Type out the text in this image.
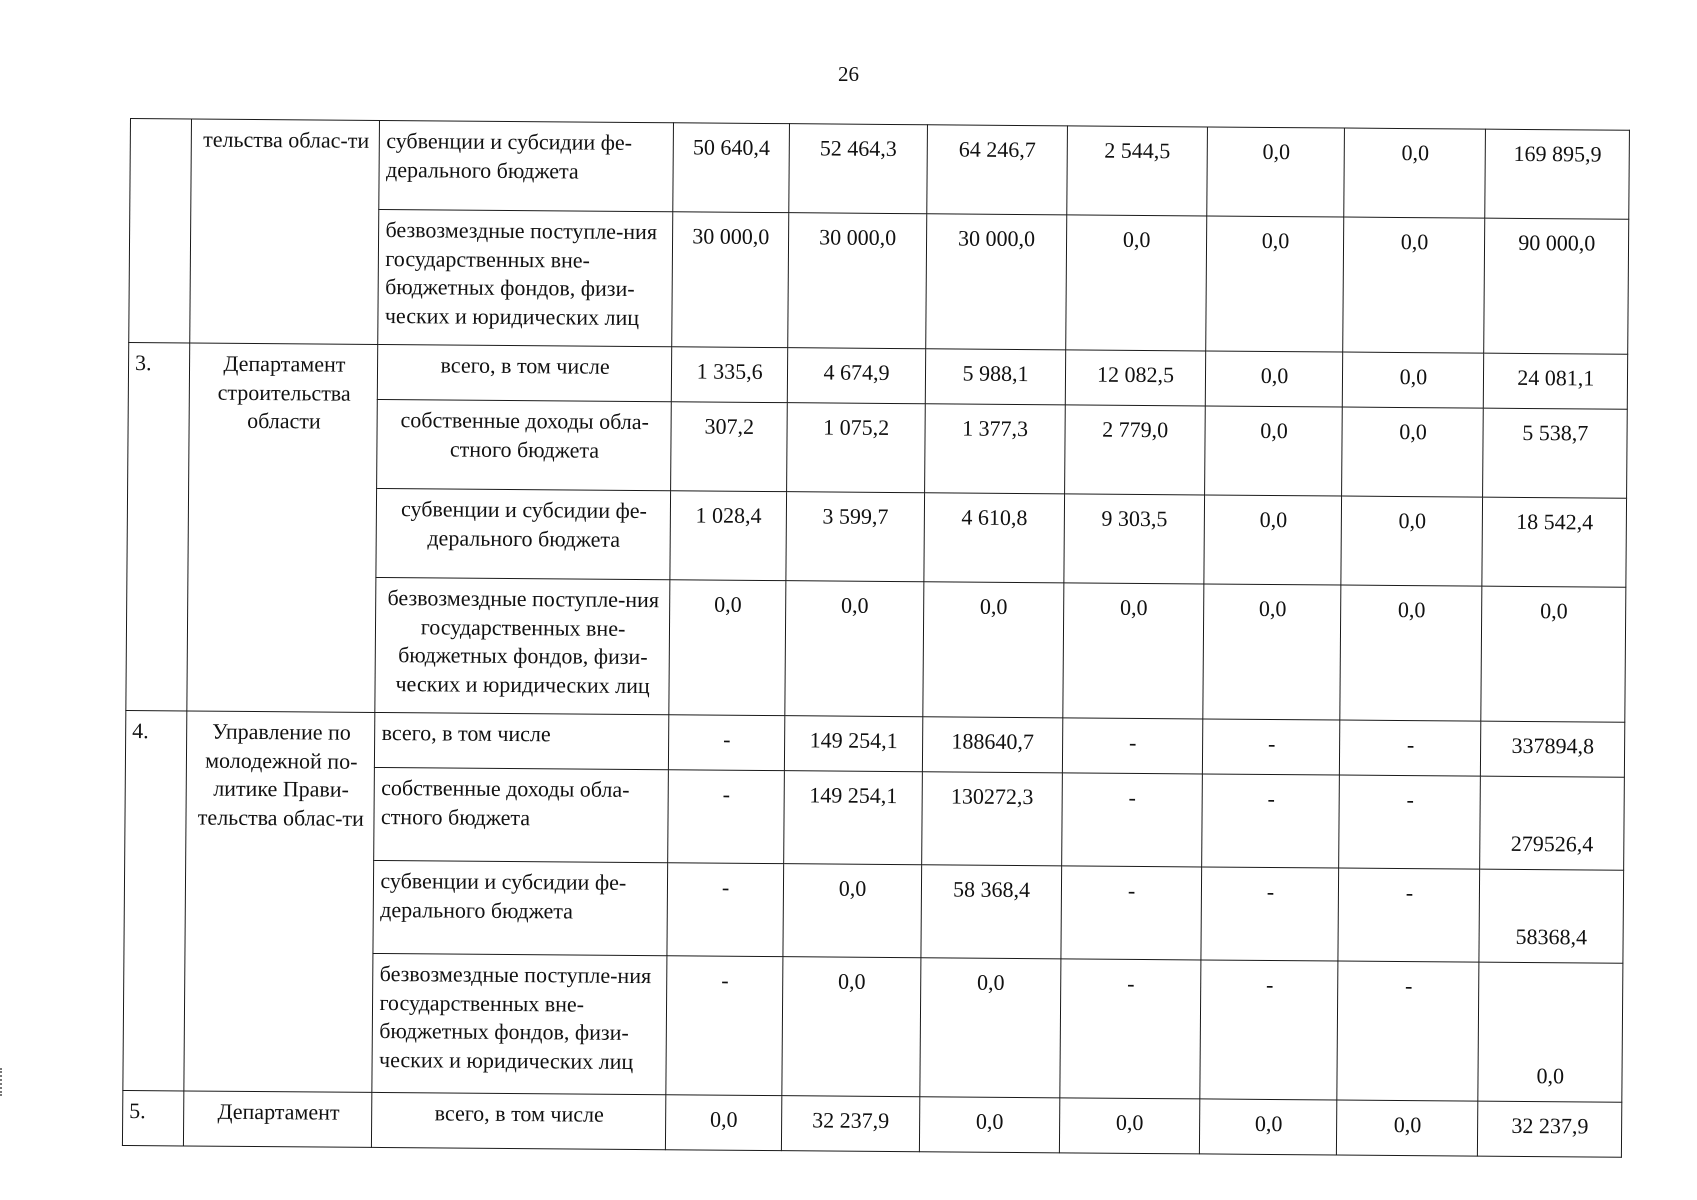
26
	тельства облас-ти	субвенции и субсидии фе-дерального бюджета	50 640,4	52 464,3	64 246,7	2 544,5	0,0	0,0	169 895,9
		безвозмездные поступле-ния государственных вне-бюджетных фондов, физи-ческих и юридических лиц	30 000,0	30 000,0	30 000,0	0,0	0,0	0,0	90 000,0
3.	Департамент строительства области	всего, в том числе	1 335,6	4 674,9	5 988,1	12 082,5	0,0	0,0	24 081,1
		собственные доходы обла-стного бюджета	307,2	1 075,2	1 377,3	2 779,0	0,0	0,0	5 538,7
		субвенции и субсидии фе-дерального бюджета	1 028,4	3 599,7	4 610,8	9 303,5	0,0	0,0	18 542,4
		безвозмездные поступле-ния государственных вне-бюджетных фондов, физи-ческих и юридических лиц	0,0	0,0	0,0	0,0	0,0	0,0	0,0
4.	Управление по молодежной по-литике Прави-тельства облас-ти	всего, в том числе	-	149 254,1	188640,7	-	-	-	337894,8
		собственные доходы обла-стного бюджета	-	149 254,1	130272,3	-	-	-	279526,4
		субвенции и субсидии фе-дерального бюджета	-	0,0	58 368,4	-	-	-	58368,4
		безвозмездные поступле-ния государственных вне-бюджетных фондов, физи-ческих и юридических лиц	-	0,0	0,0	-	-	-	0,0
5.	Департамент	всего, в том числе	0,0	32 237,9	0,0	0,0	0,0	0,0	32 237,9
